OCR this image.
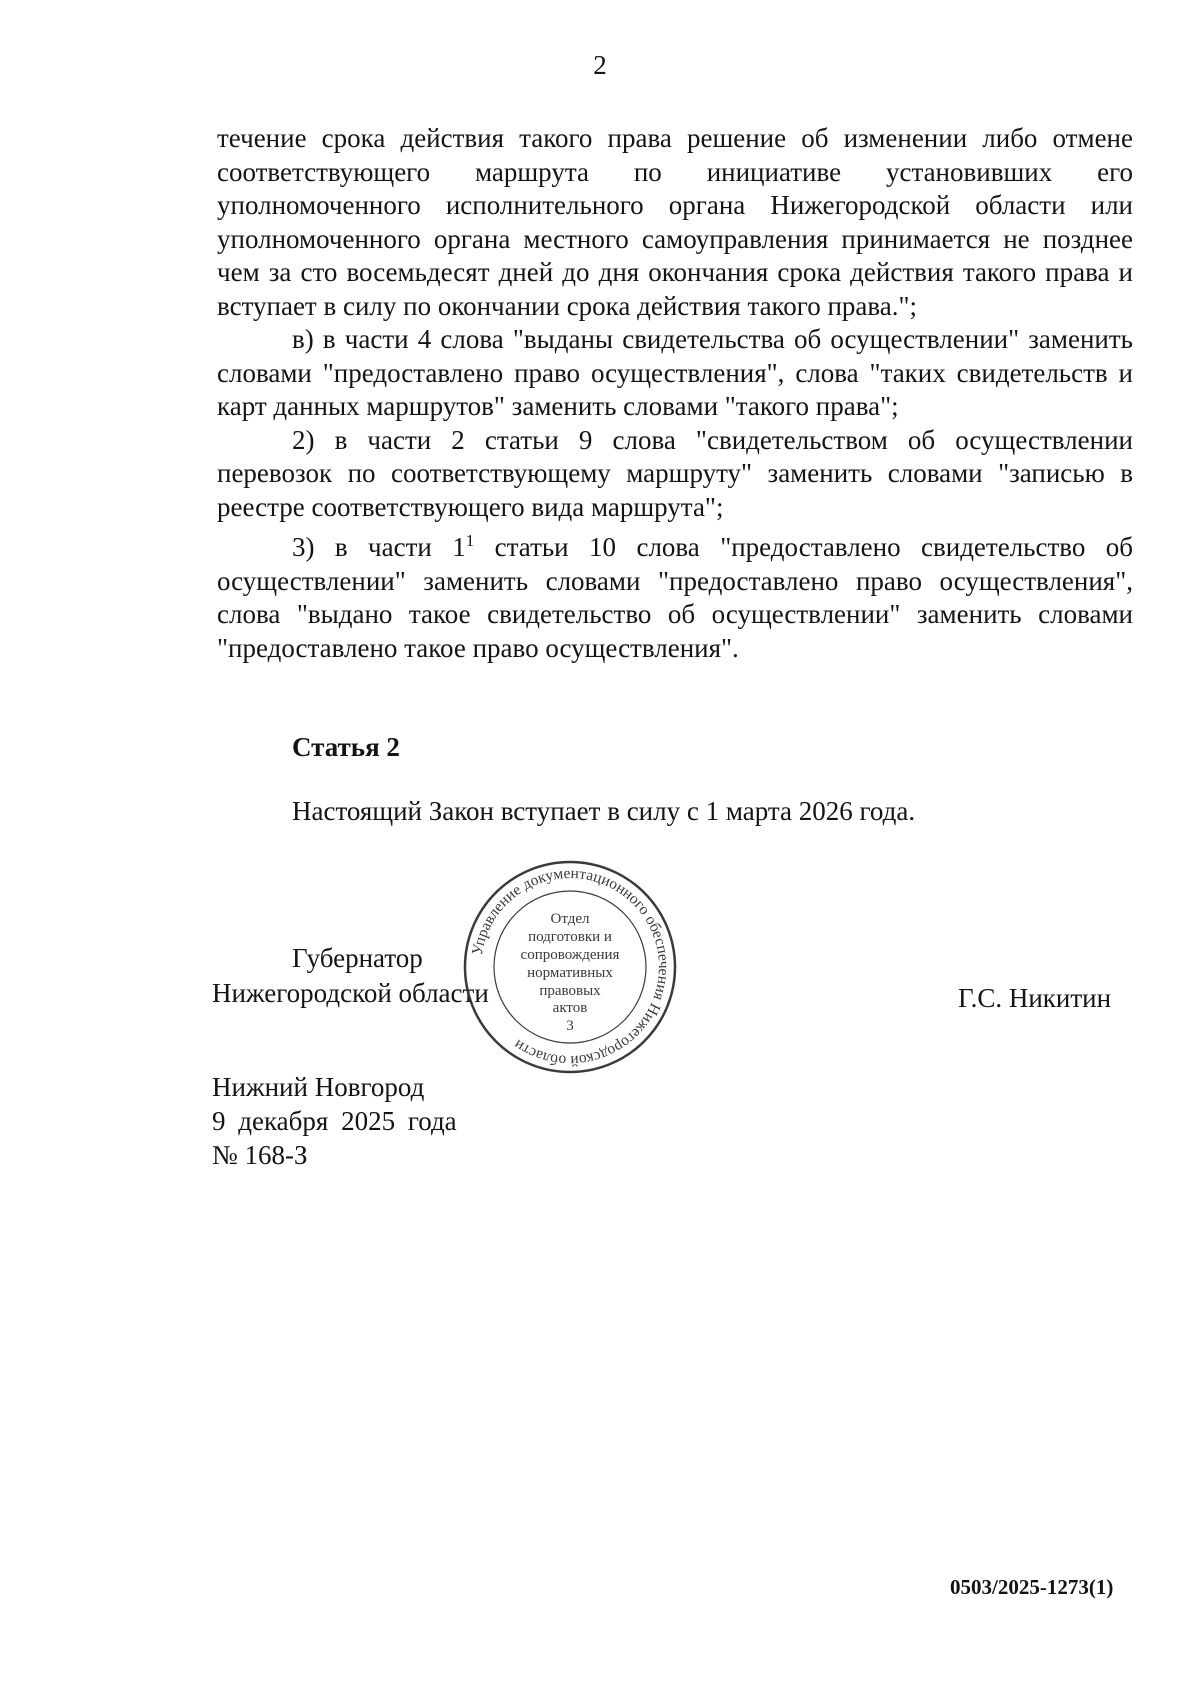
2

течение срока действия такого права решение об изменении либо отмене соответствующего маршрута по инициативе установивших его уполномоченного исполнительного органа Нижегородской области или уполномоченного органа местного самоуправления принимается не позднее чем за сто восемьдесят дней до дня окончания срока действия такого права и вступает в силу по окончании срока действия такого права.";

в) в части 4 слова "выданы свидетельства об осуществлении" заменить словами "предоставлено право осуществления", слова "таких свидетельств и карт данных маршрутов" заменить словами "такого права";

2) в части 2 статьи 9 слова "свидетельством об осуществлении перевозок по соответствующему маршруту" заменить словами "записью в реестре соответствующего вида маршрута";

3) в части $1^1$ статьи 10 слова "предоставлено свидетельство об осуществлении" заменить словами "предоставлено право осуществления", слова "выдано такое свидетельство об осуществлении" заменить словами "предоставлено такое право осуществления".

Статья 2
Настоящий Закон вступает в силу с 1 марта 2026 года.
Губернатор
Нижегородской области	Г.С. Никитин
Управление документационного обеспечения Нижегородской области
Отдел
подготовки и
сопровождения
нормативных
правовых
актов
3
Нижний Новгород
9 декабря 2025 года
№ 168-З
0503/2025-1273(1)
